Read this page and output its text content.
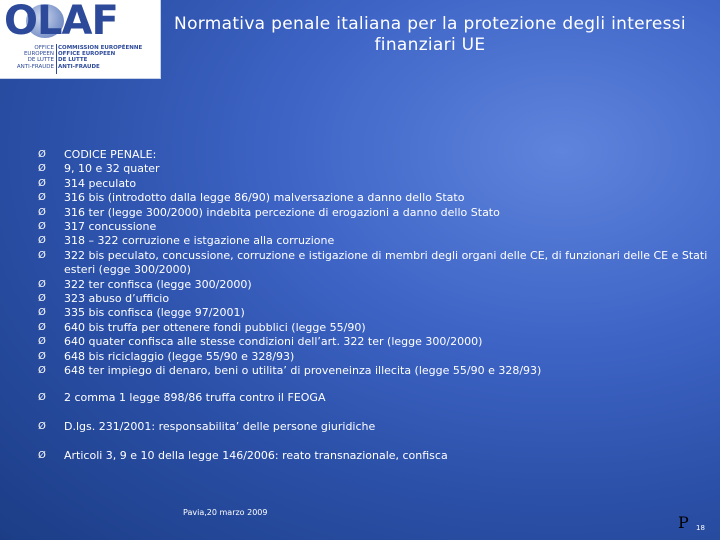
OLAF
OFFICE
EUROPEEN
DE LUTTE
ANTI-FRAUDE
COMMISSION EUROPÉENNE
OFFICE EUROPEEN
DE LUTTE
ANTI-FRAUDE
Normativa penale italiana per la protezione degli interessi finanziari UE
Ø	CODICE PENALE:
Ø	9, 10 e 32 quater
Ø	314 peculato
Ø	316 bis (introdotto dalla legge 86/90) malversazione a danno dello Stato
Ø	316 ter (legge 300/2000) indebita percezione di erogazioni a danno dello Stato
Ø	317 concussione
Ø	318 – 322 corruzione e istgazione alla corruzione
Ø	322 bis peculato, concussione, corruzione e istigazione di membri degli organi delle CE, di funzionari delle CE e Stati esteri (egge 300/2000)
Ø	322 ter confisca (legge 300/2000)
Ø	323 abuso d’ufficio
Ø	335 bis confisca (legge 97/2001)
Ø	640 bis truffa per ottenere fondi pubblici (legge 55/90)
Ø	640 quater confisca alle stesse condizioni dell’art. 322 ter (legge 300/2000)
Ø	648 bis riciclaggio (legge 55/90 e 328/93)
Ø	648 ter impiego di denaro, beni o utilita’ di proveneinza illecita (legge 55/90 e 328/93)
Ø	2 comma 1 legge 898/86 truffa contro il FEOGA
Ø	D.lgs. 231/2001: responsabilita’ delle persone giuridiche
Ø	Articoli 3, 9 e 10 della legge 146/2006: reato transnazionale, confisca
Pavia,20 marzo 2009
P 18
